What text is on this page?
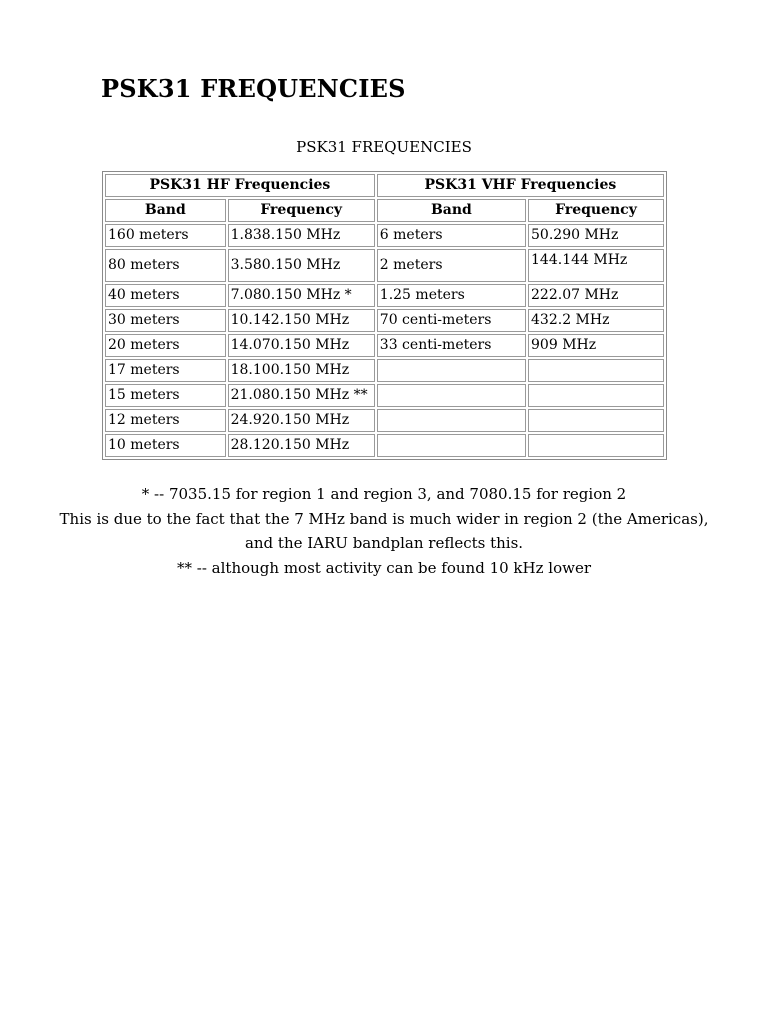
PSK31 FREQUENCIES
PSK31 FREQUENCIES
PSK31 HF Frequencies		PSK31 VHF Frequencies	
Band	Frequency	Band	Frequency
160 meters	1.838.150 MHz	6 meters	50.290 MHz
80 meters	3.580.150 MHz	2 meters	144.144 MHz
40 meters	7.080.150 MHz *	1.25 meters	222.07 MHz
30 meters	10.142.150 MHz	70 centi-meters	432.2 MHz
20 meters	14.070.150 MHz	33 centi-meters	909 MHz
17 meters	18.100.150 MHz		
15 meters	21.080.150 MHz **		
12 meters	24.920.150 MHz		
10 meters	28.120.150 MHz		

* -- 7035.15 for region 1 and region 3, and 7080.15 for region 2

This is due to the fact that the 7 MHz band is much wider in region 2 (the Americas),

and the IARU bandplan reflects this.

** -- although most activity can be found 10 kHz lower
